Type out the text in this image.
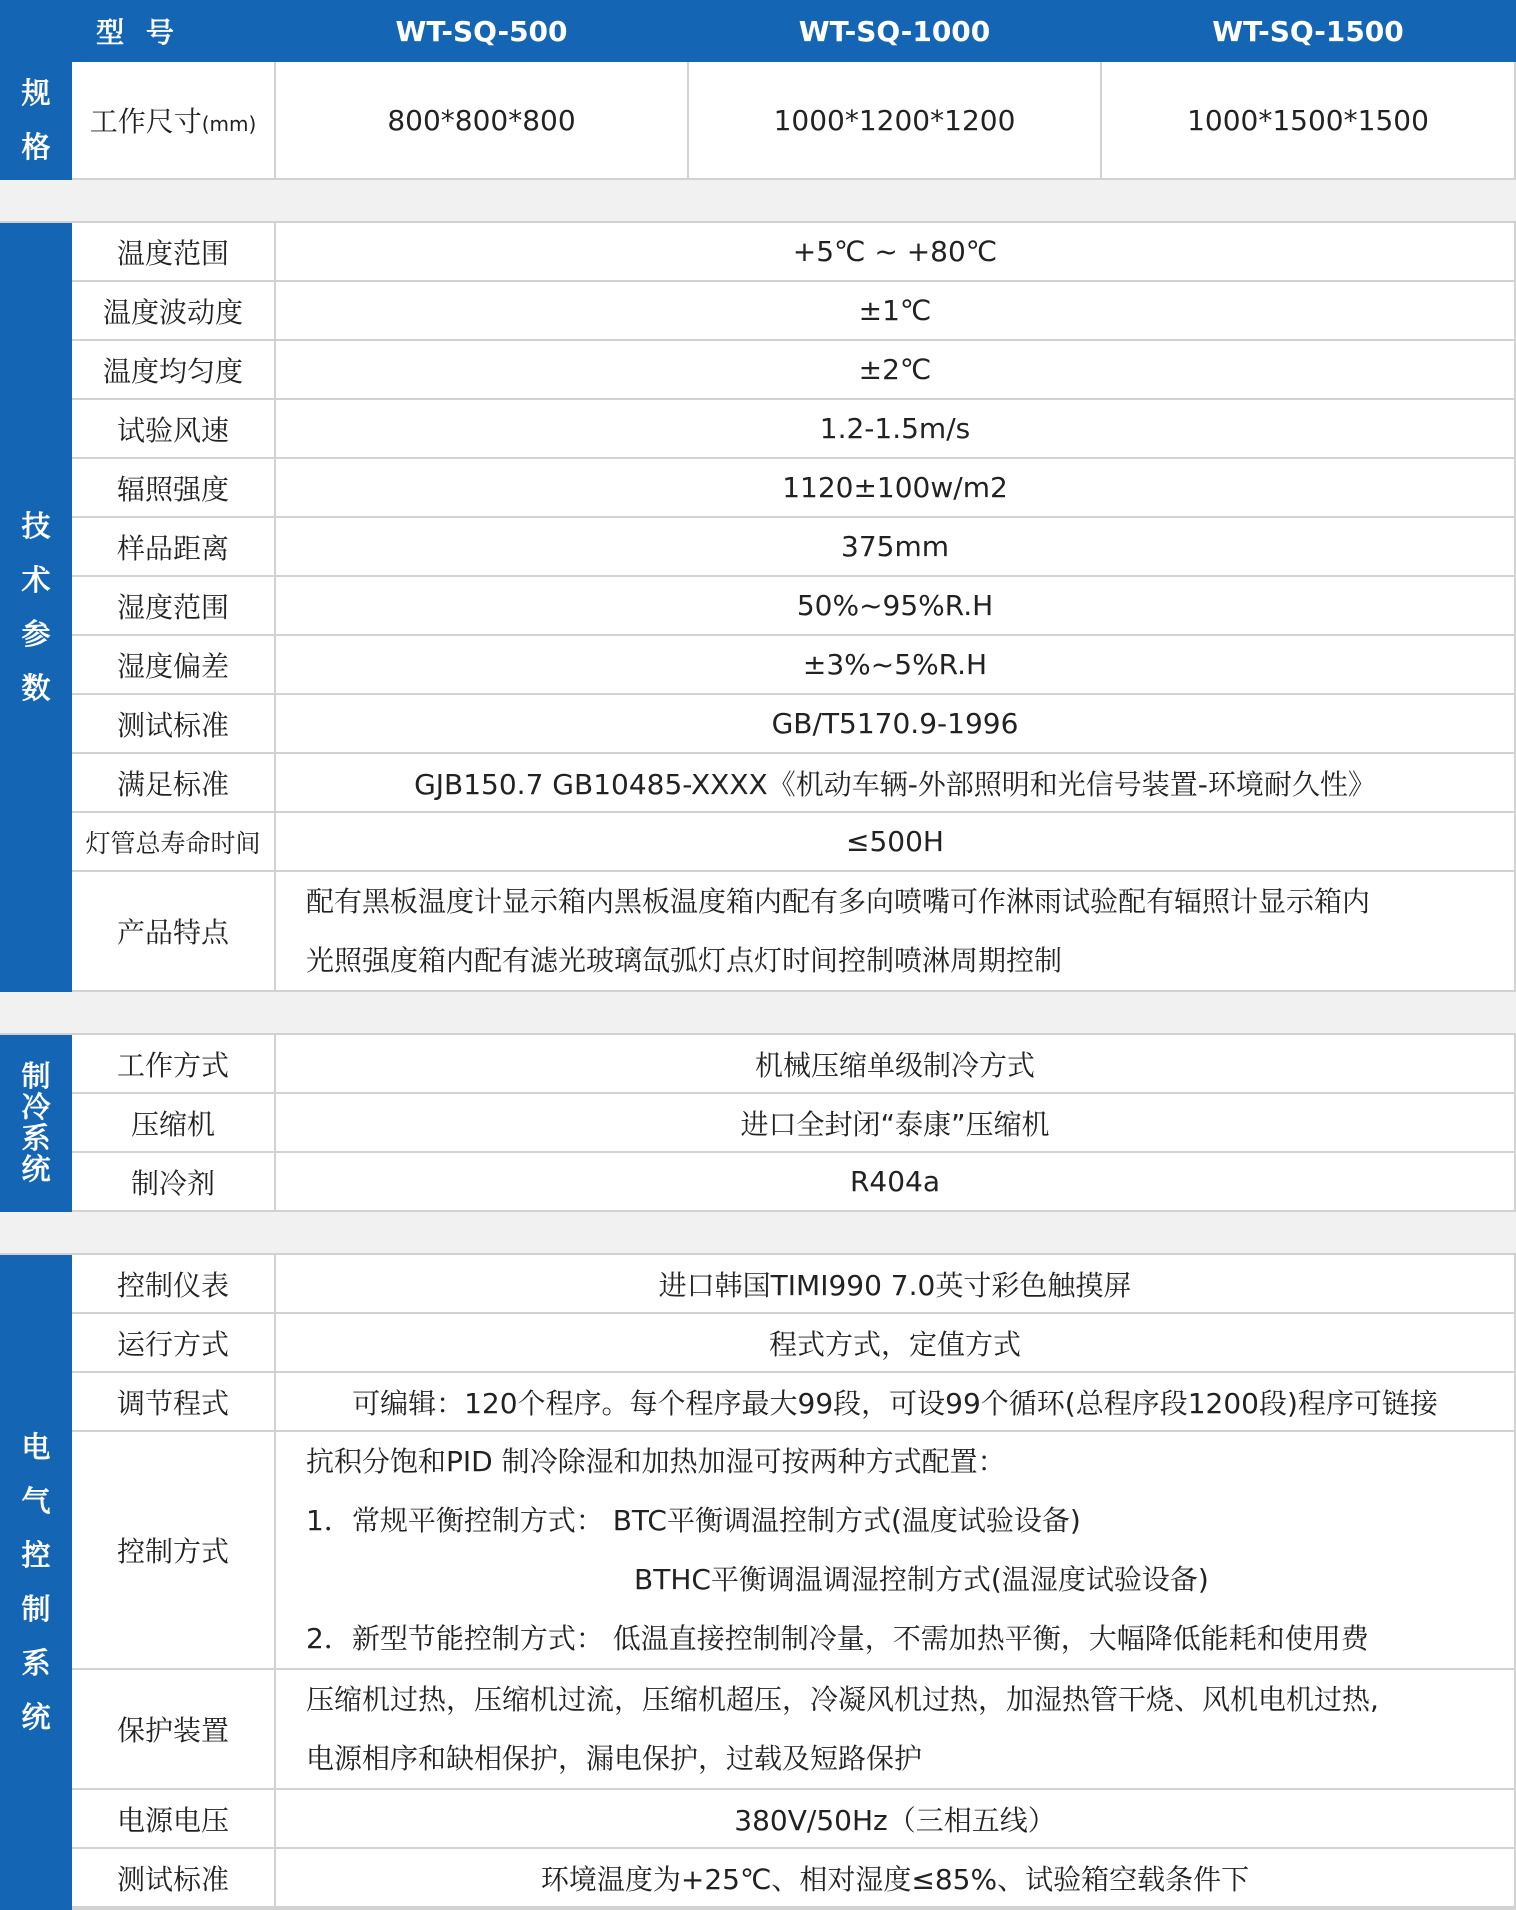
型 号		WT-SQ-500	WT-SQ-1000	WT-SQ-1500	

规格	工作尺寸(mm)	800*800*800	1000*1200*1200	1000*1500*1500	

技术参数	温度范围	+5℃ ~ +80℃			
	温度波动度	±1℃			
	温度均匀度	±2℃			
	试验风速	1.2-1.5m/s			
	辐照强度	1120±100w/m2			
	样品距离	375mm			
	湿度范围	50%~95%R.H			
	湿度偏差	±3%~5%R.H			
	测试标准	GB/T5170.9-1996			
	满足标准	GJB150.7 GB10485-XXXX《机动车辆-外部照明和光信号装置-环境耐久性》			
	灯管总寿命时间	≤500H			
	产品特点	配有黑板温度计显示箱内黑板温度箱内配有多向喷嘴可作淋雨试验配有辐照计显示箱内
光照强度箱内配有滤光玻璃氙弧灯点灯时间控制喷淋周期控制			

制冷系统	工作方式	机械压缩单级制冷方式			
	压缩机	进口全封闭“泰康”压缩机			
	制冷剂	R404a			

电气控制系统	控制仪表	进口韩国TIMI990 7.0英寸彩色触摸屏			
	运行方式	程式方式，定值方式			
	调节程式	可编辑：120个程序。每个程序最大99段，可设99个循环(总程序段1200段)程序可链接			
	控制方式	抗积分饱和PID 制冷除湿和加热加湿可按两种方式配置：
1．常规平衡控制方式： BTC平衡调温控制方式(温度试验设备)
BTHC平衡调温调湿控制方式(温湿度试验设备)
2．新型节能控制方式： 低温直接控制制冷量，不需加热平衡，大幅降低能耗和使用费			

	保护装置	压缩机过热，压缩机过流，压缩机超压，冷凝风机过热，加湿热管干烧、风机电机过热,
电源相序和缺相保护，漏电保护，过载及短路保护			

	电源电压	380V/50Hz（三相五线）			
	测试标准	环境温度为+25℃、相对湿度≤85%、试验箱空载条件下			
